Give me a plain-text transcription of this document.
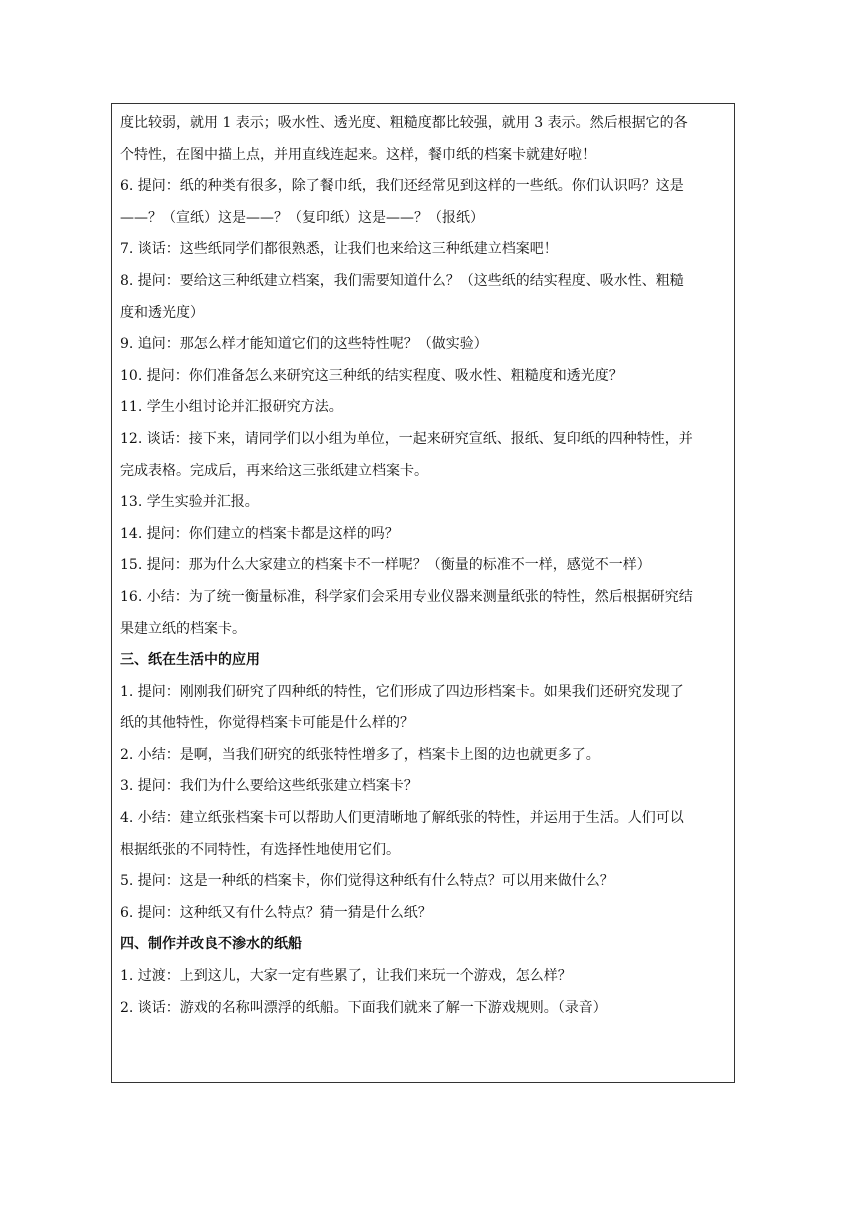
度比较弱，就用 1 表示；吸水性、透光度、粗糙度都比较强，就用 3 表示。然后根据它的各
个特性，在图中描上点，并用直线连起来。这样，餐巾纸的档案卡就建好啦！
6. 提问：纸的种类有很多，除了餐巾纸，我们还经常见到这样的一些纸。你们认识吗？这是
——？（宣纸）这是——？（复印纸）这是——？（报纸）
7. 谈话：这些纸同学们都很熟悉，让我们也来给这三种纸建立档案吧！
8. 提问：要给这三种纸建立档案，我们需要知道什么？（这些纸的结实程度、吸水性、粗糙
度和透光度）
9. 追问：那怎么样才能知道它们的这些特性呢？（做实验）
10. 提问：你们准备怎么来研究这三种纸的结实程度、吸水性、粗糙度和透光度？
11. 学生小组讨论并汇报研究方法。
12. 谈话：接下来，请同学们以小组为单位，一起来研究宣纸、报纸、复印纸的四种特性，并
完成表格。完成后，再来给这三张纸建立档案卡。
13. 学生实验并汇报。
14. 提问：你们建立的档案卡都是这样的吗？
15. 提问：那为什么大家建立的档案卡不一样呢？（衡量的标准不一样，感觉不一样）
16. 小结：为了统一衡量标准，科学家们会采用专业仪器来测量纸张的特性，然后根据研究结
果建立纸的档案卡。
三、纸在生活中的应用
1. 提问：刚刚我们研究了四种纸的特性，它们形成了四边形档案卡。如果我们还研究发现了
纸的其他特性，你觉得档案卡可能是什么样的？
2. 小结：是啊，当我们研究的纸张特性增多了，档案卡上图的边也就更多了。
3. 提问：我们为什么要给这些纸张建立档案卡？
4. 小结：建立纸张档案卡可以帮助人们更清晰地了解纸张的特性，并运用于生活。人们可以
根据纸张的不同特性，有选择性地使用它们。
5. 提问：这是一种纸的档案卡，你们觉得这种纸有什么特点？可以用来做什么？
6. 提问：这种纸又有什么特点？猜一猜是什么纸？
四、制作并改良不渗水的纸船
1. 过渡：上到这儿，大家一定有些累了，让我们来玩一个游戏，怎么样？
2. 谈话：游戏的名称叫漂浮的纸船。下面我们就来了解一下游戏规则。（录音）
